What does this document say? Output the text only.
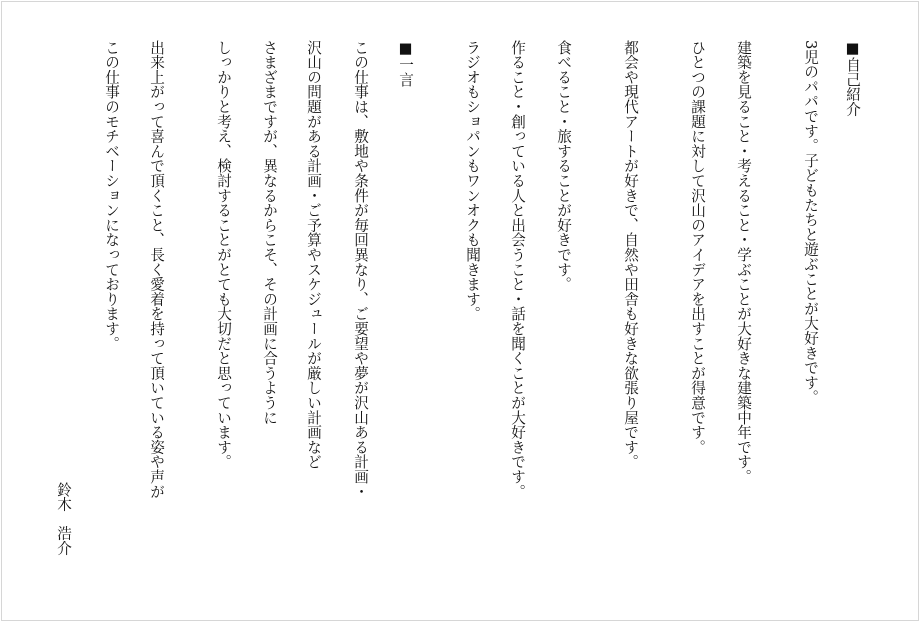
■自己紹介
3児のパパです。子どもたちと遊ぶことが大好きです。
建築を見ること・考えること・学ぶことが大好きな建築中年です。
ひとつの課題に対して沢山のアイデアを出すことが得意です。
都会や現代アートが好きで、自然や田舎も好きな欲張り屋です。
食べること・旅することが好きです。
作ること・創っている人と出会うこと・話を聞くことが大好きです。
ラジオもショパンもワンオクも聞きます。
■一言
この仕事は、敷地や条件が毎回異なり、ご要望や夢が沢山ある計画・
沢山の問題がある計画・ご予算やスケジュールが厳しい計画など
さまざまですが、異なるからこそ、その計画に合うように
しっかりと考え、検討することがとても大切だと思っています。
出来上がって喜んで頂くこと、長く愛着を持って頂いている姿や声が
この仕事のモチベーションになっております。
鈴木　浩介
